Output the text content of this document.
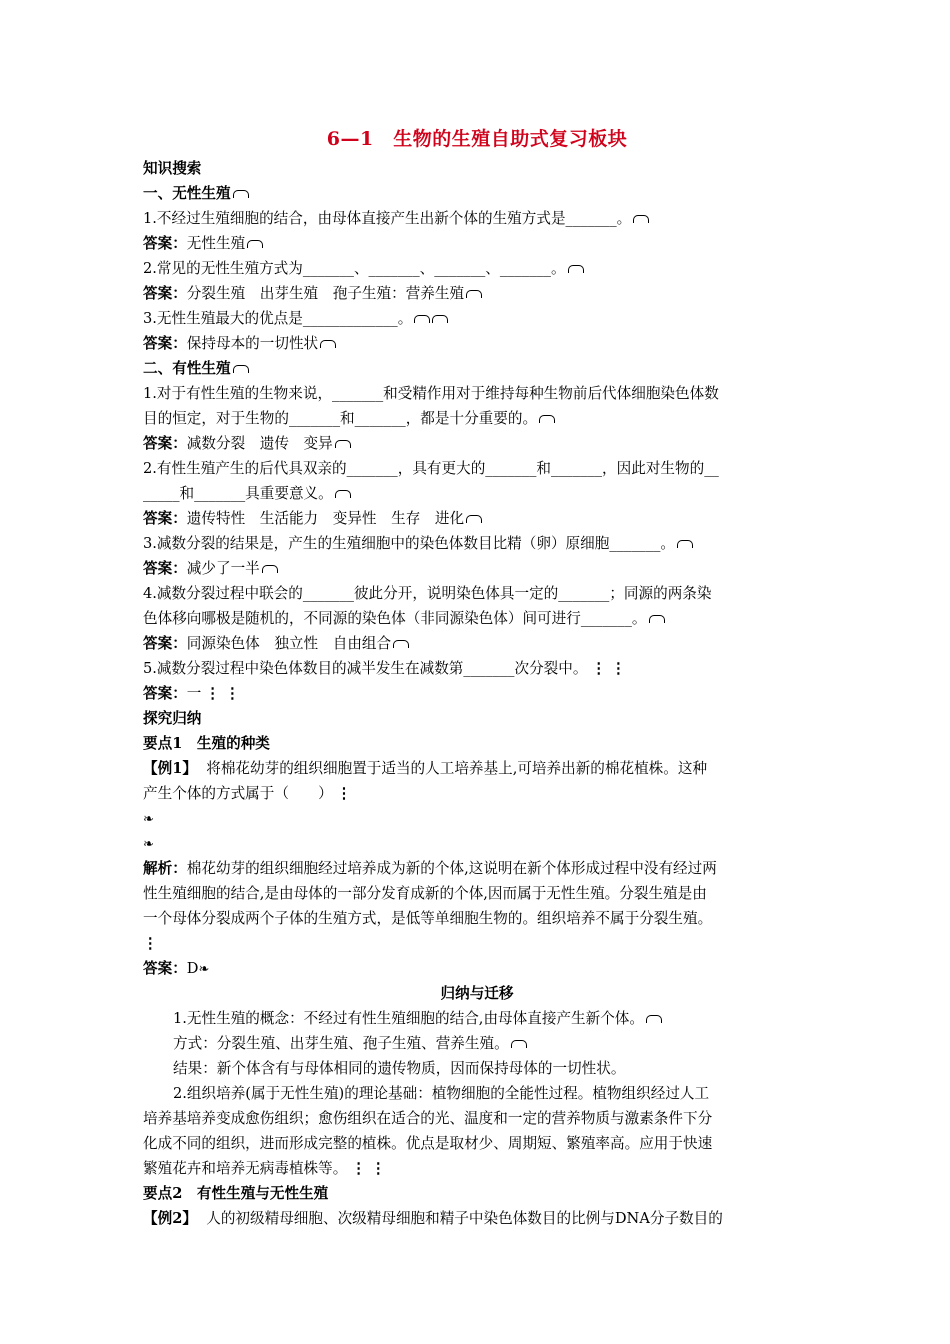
6—1　生物的生殖自助式复习板块
知识搜索
一、无性生殖
1.不经过生殖细胞的结合，由母体直接产生出新个体的生殖方式是_______。
答案：无性生殖
2.常见的无性生殖方式为_______、_______、_______、_______。
答案：分裂生殖　出芽生殖　孢子生殖：营养生殖
3.无性生殖最大的优点是_____________。
答案：保持母本的一切性状
二、有性生殖
1.对于有性生殖的生物来说，_______和受精作用对于维持每种生物前后代体细胞染色体数
目的恒定，对于生物的_______和_______，都是十分重要的。
答案：减数分裂　遗传　变异
2.有性生殖产生的后代具双亲的_______，具有更大的_______和_______，因此对生物的__
_____和_______具重要意义。
答案：遗传特性　生活能力　变异性　生存　进化
3.减数分裂的结果是，产生的生殖细胞中的染色体数目比精（卵）原细胞_______。
答案：减少了一半
4.减数分裂过程中联会的_______彼此分开，说明染色体具一定的_______；同源的两条染
色体移向哪极是随机的，不同源的染色体（非同源染色体）间可进行_______。
答案：同源染色体　独立性　自由组合
5.减数分裂过程中染色体数目的减半发生在减数第_______次分裂中。 ⋮ ⋮
答案：一 ⋮ ⋮
探究归纳
要点1　生殖的种类
【例1】 将棉花幼芽的组织细胞置于适当的人工培养基上,可培养出新的棉花植株。这种
产生个体的方式属于（　　） ⋮
❧
❧
解析：棉花幼芽的组织细胞经过培养成为新的个体,这说明在新个体形成过程中没有经过两
性生殖细胞的结合,是由母体的一部分发育成新的个体,因而属于无性生殖。分裂生殖是由
一个母体分裂成两个子体的生殖方式，是低等单细胞生物的。组织培养不属于分裂生殖。
⋮
答案：D❧
归纳与迁移
1.无性生殖的概念：不经过有性生殖细胞的结合,由母体直接产生新个体。
方式：分裂生殖、出芽生殖、孢子生殖、营养生殖。
结果：新个体含有与母体相同的遗传物质，因而保持母体的一切性状。
2.组织培养(属于无性生殖)的理论基础：植物细胞的全能性过程。植物组织经过人工
培养基培养变成愈伤组织；愈伤组织在适合的光、温度和一定的营养物质与激素条件下分
化成不同的组织，进而形成完整的植株。优点是取材少、周期短、繁殖率高。应用于快速
繁殖花卉和培养无病毒植株等。 ⋮ ⋮
要点2　有性生殖与无性生殖
【例2】 人的初级精母细胞、次级精母细胞和精子中染色体数目的比例与DNA分子数目的
